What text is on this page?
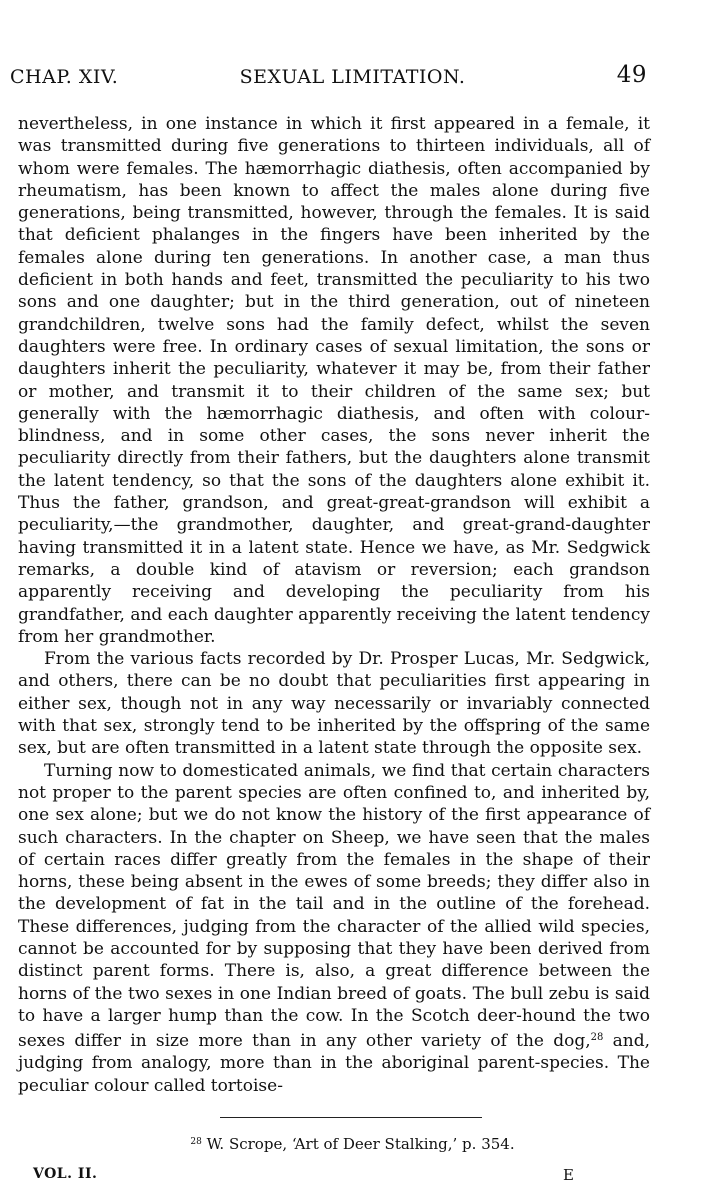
CHAP. XIV.	SEXUAL LIMITATION.	49

nevertheless, in one instance in which it first appeared in a female, it was transmitted during five generations to thirteen individuals, all of whom were females. The hæmorrhagic diathesis, often accompanied by rheumatism, has been known to affect the males alone during five generations, being transmitted, however, through the females. It is said that deficient phalanges in the fingers have been inherited by the females alone during ten generations. In another case, a man thus deficient in both hands and feet, transmitted the peculiarity to his two sons and one daughter; but in the third generation, out of nineteen grandchildren, twelve sons had the family defect, whilst the seven daughters were free. In ordinary cases of sexual limitation, the sons or daughters inherit the peculiarity, whatever it may be, from their father or mother, and transmit it to their children of the same sex; but generally with the hæmorrhagic diathesis, and often with colour-blindness, and in some other cases, the sons never inherit the peculiarity directly from their fathers, but the daughters alone transmit the latent tendency, so that the sons of the daughters alone exhibit it. Thus the father, grandson, and great-great-grandson will exhibit a peculiarity,—the grandmother, daughter, and great-grand-daughter having transmitted it in a latent state. Hence we have, as Mr. Sedgwick remarks, a double kind of atavism or reversion; each grandson apparently receiving and developing the peculiarity from his grandfather, and each daughter apparently receiving the latent tendency from her grandmother.

From the various facts recorded by Dr. Prosper Lucas, Mr. Sedgwick, and others, there can be no doubt that peculiarities first appearing in either sex, though not in any way necessarily or invariably connected with that sex, strongly tend to be inherited by the offspring of the same sex, but are often transmitted in a latent state through the opposite sex.

Turning now to domesticated animals, we find that certain characters not proper to the parent species are often confined to, and inherited by, one sex alone; but we do not know the history of the first appearance of such characters. In the chapter on Sheep, we have seen that the males of certain races differ greatly from the females in the shape of their horns, these being absent in the ewes of some breeds; they differ also in the development of fat in the tail and in the outline of the forehead. These differences, judging from the character of the allied wild species, cannot be accounted for by supposing that they have been derived from distinct parent forms. There is, also, a great difference between the horns of the two sexes in one Indian breed of goats. The bull zebu is said to have a larger hump than the cow. In the Scotch deer-hound the two sexes differ in size more than in any other variety of the dog,$^{28}$ and, judging from analogy, more than in the aboriginal parent-species. The peculiar colour called tortoise-

$^{28}$ W. Scrope, ‘Art of Deer Stalking,’ p. 354.
VOL. II.	E
